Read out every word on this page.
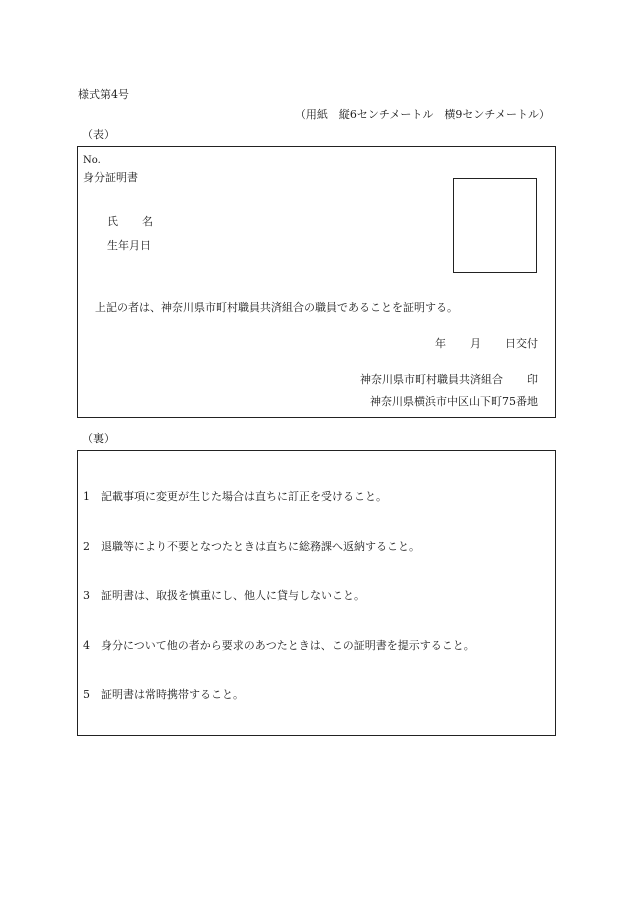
様式第4号
（用紙　縦6センチメートル　横9センチメートル）
（表）
No.
身分証明書
氏 名
生年月日
上記の者は、神奈川県市町村職員共済組合の職員であることを証明する。
年 月 日交付
神奈川県市町村職員共済組合 印
神奈川県横浜市中区山下町75番地
（裏）
1 記載事項に変更が生じた場合は直ちに訂正を受けること。
2 退職等により不要となつたときは直ちに総務課へ返納すること。
3 証明書は、取扱を慎重にし、他人に貸与しないこと。
4 身分について他の者から要求のあつたときは、この証明書を提示すること。
5 証明書は常時携帯すること。
